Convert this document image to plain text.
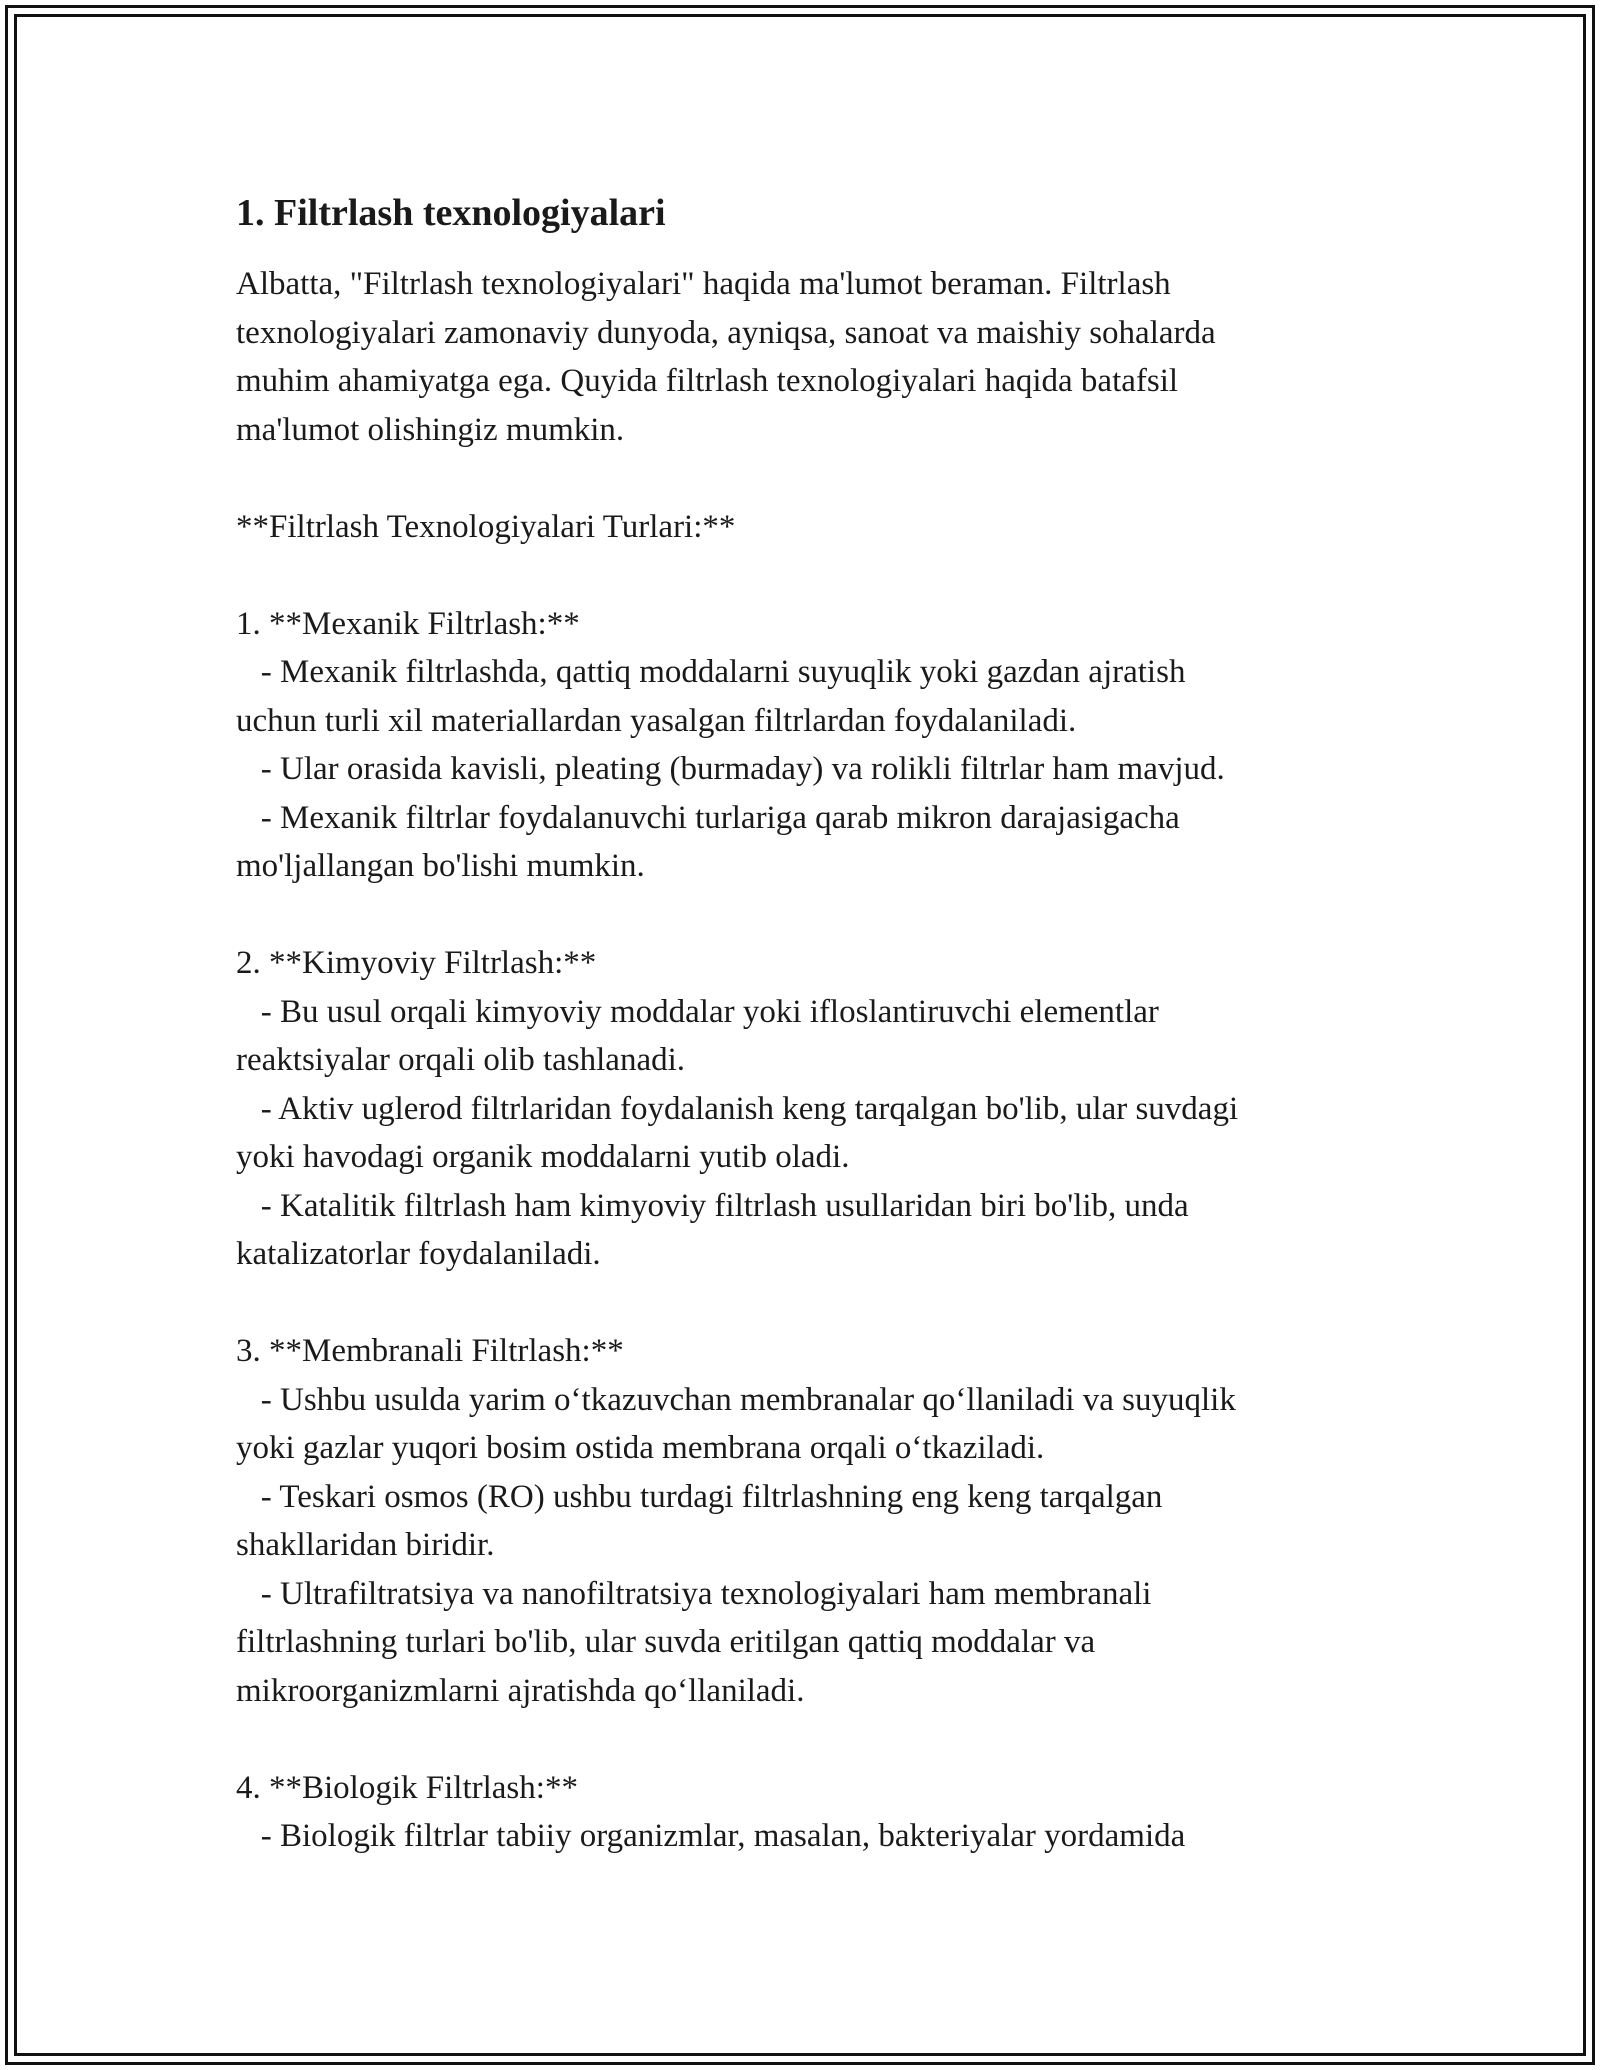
1. Filtrlash texnologiyalari
Albatta, "Filtrlash texnologiyalari" haqida ma'lumot beraman. Filtrlash
texnologiyalari zamonaviy dunyoda, ayniqsa, sanoat va maishiy sohalarda
muhim ahamiyatga ega. Quyida filtrlash texnologiyalari haqida batafsil
ma'lumot olishingiz mumkin.
**Filtrlash Texnologiyalari Turlari:**
1. **Mexanik Filtrlash:**
- Mexanik filtrlashda, qattiq moddalarni suyuqlik yoki gazdan ajratish
uchun turli xil materiallardan yasalgan filtrlardan foydalaniladi.
- Ular orasida kavisli, pleating (burmaday) va rolikli filtrlar ham mavjud.
- Mexanik filtrlar foydalanuvchi turlariga qarab mikron darajasigacha
mo'ljallangan bo'lishi mumkin.
2. **Kimyoviy Filtrlash:**
- Bu usul orqali kimyoviy moddalar yoki ifloslantiruvchi elementlar
reaktsiyalar orqali olib tashlanadi.
- Aktiv uglerod filtrlaridan foydalanish keng tarqalgan bo'lib, ular suvdagi
yoki havodagi organik moddalarni yutib oladi.
- Katalitik filtrlash ham kimyoviy filtrlash usullaridan biri bo'lib, unda
katalizatorlar foydalaniladi.
3. **Membranali Filtrlash:**
- Ushbu usulda yarim oʻtkazuvchan membranalar qoʻllaniladi va suyuqlik
yoki gazlar yuqori bosim ostida membrana orqali oʻtkaziladi.
- Teskari osmos (RO) ushbu turdagi filtrlashning eng keng tarqalgan
shakllaridan biridir.
- Ultrafiltratsiya va nanofiltratsiya texnologiyalari ham membranali
filtrlashning turlari bo'lib, ular suvda eritilgan qattiq moddalar va
mikroorganizmlarni ajratishda qoʻllaniladi.
4. **Biologik Filtrlash:**
- Biologik filtrlar tabiiy organizmlar, masalan, bakteriyalar yordamida
